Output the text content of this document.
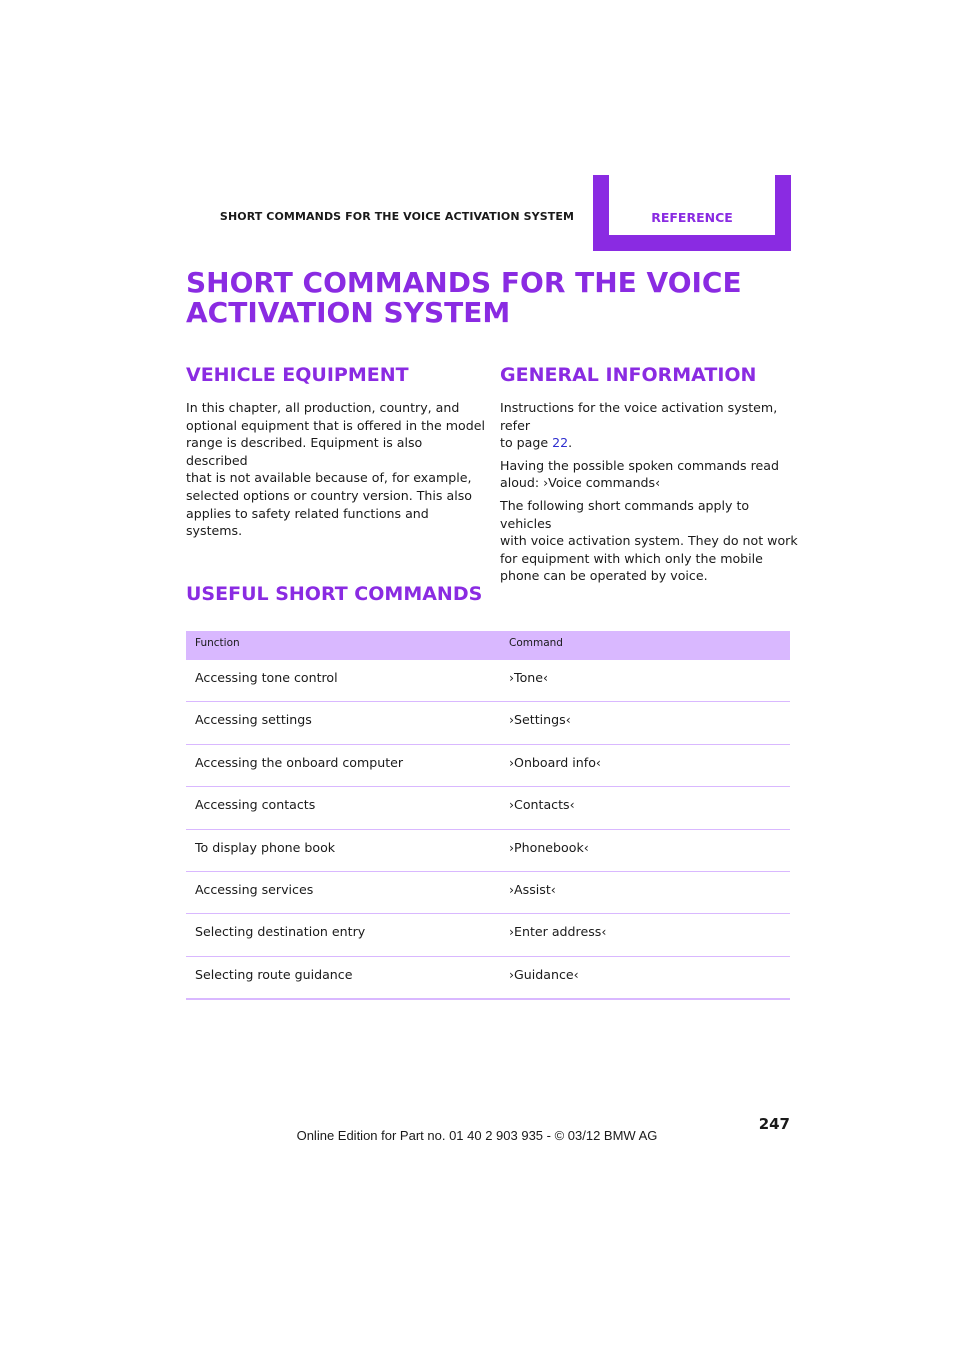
SHORT COMMANDS FOR THE VOICE ACTIVATION SYSTEM	REFERENCE
SHORT COMMANDS FOR THE VOICE
ACTIVATION SYSTEM
VEHICLE EQUIPMENT

In this chapter, all production, country, and
optional equipment that is offered in the model
range is described. Equipment is also described
that is not available because of, for example,
selected options or country version. This also
applies to safety related functions and systems.

GENERAL INFORMATION

Instructions for the voice activation system, refer
to page 22.

Having the possible spoken commands read
aloud: ›Voice commands‹

The following short commands apply to vehicles
with voice activation system. They do not work
for equipment with which only the mobile
phone can be operated by voice.

USEFUL SHORT COMMANDS
Function	Command
Accessing tone control	›Tone‹
Accessing settings	›Settings‹
Accessing the onboard computer	›Onboard info‹
Accessing contacts	›Contacts‹
To display phone book	›Phonebook‹
Accessing services	›Assist‹
Selecting destination entry	›Enter address‹
Selecting route guidance	›Guidance‹
247
Online Edition for Part no. 01 40 2 903 935 - © 03/12 BMW AG
